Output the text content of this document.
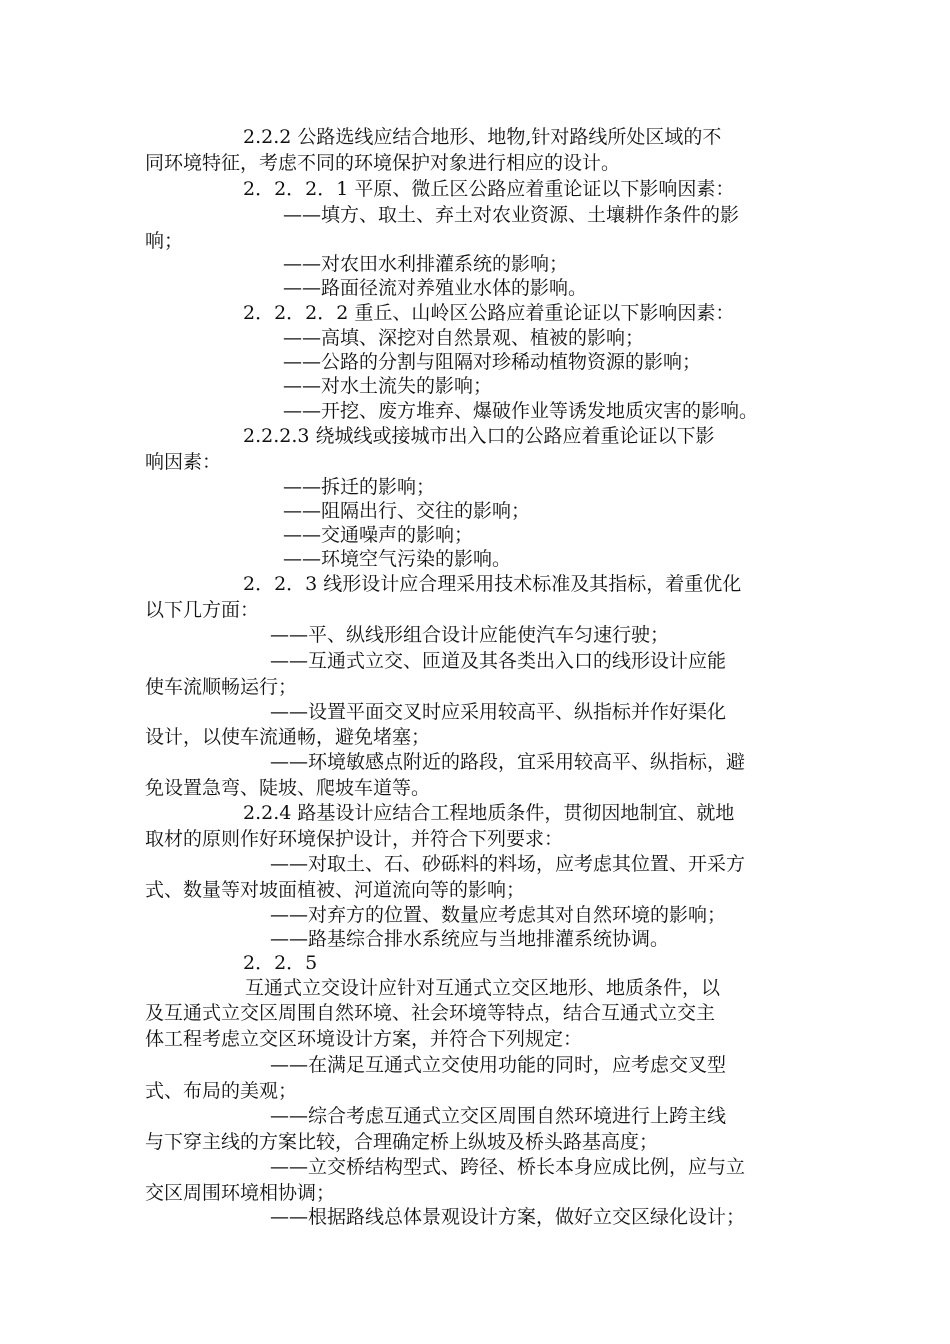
2.2.2 公路选线应结合地形、地物,针对路线所处区域的不
同环境特征，考虑不同的环境保护对象进行相应的设计。
2．2．2．1 平原、微丘区公路应着重论证以下影响因素：
——填方、取土、弃土对农业资源、土壤耕作条件的影
响；
——对农田水利排灌系统的影响；
——路面径流对养殖业水体的影响。
2．2．2．2 重丘、山岭区公路应着重论证以下影响因素：
——高填、深挖对自然景观、植被的影响；
——公路的分割与阻隔对珍稀动植物资源的影响；
——对水土流失的影响；
——开挖、废方堆弃、爆破作业等诱发地质灾害的影响。
2.2.2.3 绕城线或接城市出入口的公路应着重论证以下影
响因素：
——拆迁的影响；
——阻隔出行、交往的影响；
——交通噪声的影响；
——环境空气污染的影响。
2．2．3 线形设计应合理采用技术标准及其指标，着重优化
以下几方面：
——平、纵线形组合设计应能使汽车匀速行驶；
——互通式立交、匝道及其各类出入口的线形设计应能
使车流顺畅运行；
——设置平面交叉时应采用较高平、纵指标并作好渠化
设计，以使车流通畅，避免堵塞；
——环境敏感点附近的路段，宜采用较高平、纵指标，避
免设置急弯、陡坡、爬坡车道等。
2.2.4 路基设计应结合工程地质条件，贯彻因地制宜、就地
取材的原则作好环境保护设计，并符合下列要求：
——对取土、石、砂砾料的料场，应考虑其位置、开采方
式、数量等对坡面植被、河道流向等的影响；
——对弃方的位置、数量应考虑其对自然环境的影响；
——路基综合排水系统应与当地排灌系统协调。
2．2．5
互通式立交设计应针对互通式立交区地形、地质条件，以
及互通式立交区周围自然环境、社会环境等特点，结合互通式立交主
体工程考虑立交区环境设计方案，并符合下列规定：
——在满足互通式立交使用功能的同时，应考虑交叉型
式、布局的美观；
——综合考虑互通式立交区周围自然环境进行上跨主线
与下穿主线的方案比较，合理确定桥上纵坡及桥头路基高度；
——立交桥结构型式、跨径、桥长本身应成比例，应与立
交区周围环境相协调；
——根据路线总体景观设计方案，做好立交区绿化设计；
